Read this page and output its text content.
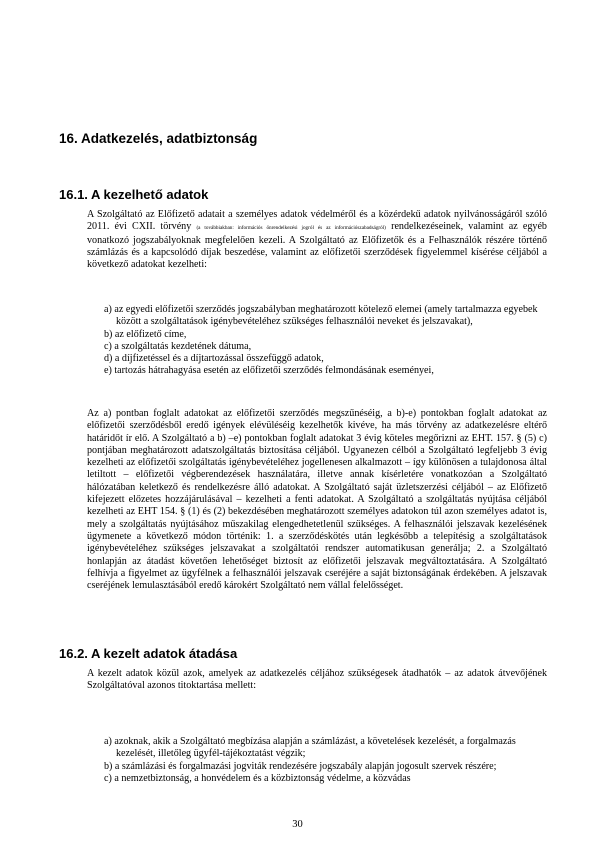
16. Adatkezelés, adatbiztonság
16.1. A kezelhető adatok
A Szolgáltató az Előfizető adatait a személyes adatok védelméről és a közérdekű adatok nyilvánosságáról szóló 2011. évi CXII. törvény (a továbbiakban: információs önrendelkezési jogról és az információszabadságról) rendelkezéseinek, valamint az egyéb vonatkozó jogszabályoknak megfelelően kezeli. A Szolgáltató az Előfizetők és a Felhasználók részére történő számlázás és a kapcsolódó díjak beszedése, valamint az előfizetői szerződések figyelemmel kísérése céljából a következő adatokat kezelheti:
a) az egyedi előfizetői szerződés jogszabályban meghatározott kötelező elemei (amely tartalmazza egyebek között a szolgáltatások igénybevételéhez szükséges felhasználói neveket és jelszavakat),
b) az előfizető címe,
c) a szolgáltatás kezdetének dátuma,
d) a díjfizetéssel és a díjtartozással összefüggő adatok,
e) tartozás hátrahagyása esetén az előfizetői szerződés felmondásának eseményei,
Az a) pontban foglalt adatokat az előfizetői szerződés megszűnéséig, a b)-e) pontokban foglalt adatokat az előfizetői szerződésből eredő igények elévüléséig kezelhetők kivéve, ha más törvény az adatkezelésre eltérő határidőt ír elő. A Szolgáltató a b) –e) pontokban foglalt adatokat 3 évig köteles megőrizni az EHT. 157. § (5) c) pontjában meghatározott adatszolgáltatás biztosítása céljából. Ugyanezen célból a Szolgáltató legfeljebb 3 évig kezelheti az előfizetői szolgáltatás igénybevételéhez jogellenesen alkalmazott – így különösen a tulajdonosa által letiltott – előfizetői végberendezések használatára, illetve annak kísérletére vonatkozóan a Szolgáltató hálózatában keletkező és rendelkezésre álló adatokat. A Szolgáltató saját üzletszerzési céljából – az Előfizető kifejezett előzetes hozzájárulásával – kezelheti a fenti adatokat. A Szolgáltató a szolgáltatás nyújtása céljából kezelheti az EHT 154. § (1) és (2) bekezdésében meghatározott személyes adatokon túl azon személyes adatot is, mely a szolgáltatás nyújtásához műszakilag elengedhetetlenül szükséges. A felhasználói jelszavak kezelésének ügymenete a következő módon történik: 1. a szerződéskötés után legkésőbb a telepítésig a szolgáltatások igénybevételéhez szükséges jelszavakat a szolgáltatói rendszer automatikusan generálja; 2. a Szolgáltató honlapján az átadást követően lehetőséget biztosít az előfizetői jelszavak megváltoztatására. A Szolgáltató felhívja a figyelmet az ügyfélnek a felhasználói jelszavak cseréjére a saját biztonságának érdekében. A jelszavak cseréjének lemulasztásából eredő károkért Szolgáltató nem vállal felelősséget.
16.2. A kezelt adatok átadása
A kezelt adatok közül azok, amelyek az adatkezelés céljához szükségesek átadhatók – az adatok átvevőjének Szolgáltatóval azonos titoktartása mellett:
a) azoknak, akik a Szolgáltató megbízása alapján a számlázást, a követelések kezelését, a forgalmazás kezelését, illetőleg ügyfél-tájékoztatást végzik;
b) a számlázási és forgalmazási jogviták rendezésére jogszabály alapján jogosult szervek részére;
c) a nemzetbiztonság, a honvédelem és a közbiztonság védelme, a közvádas
30
